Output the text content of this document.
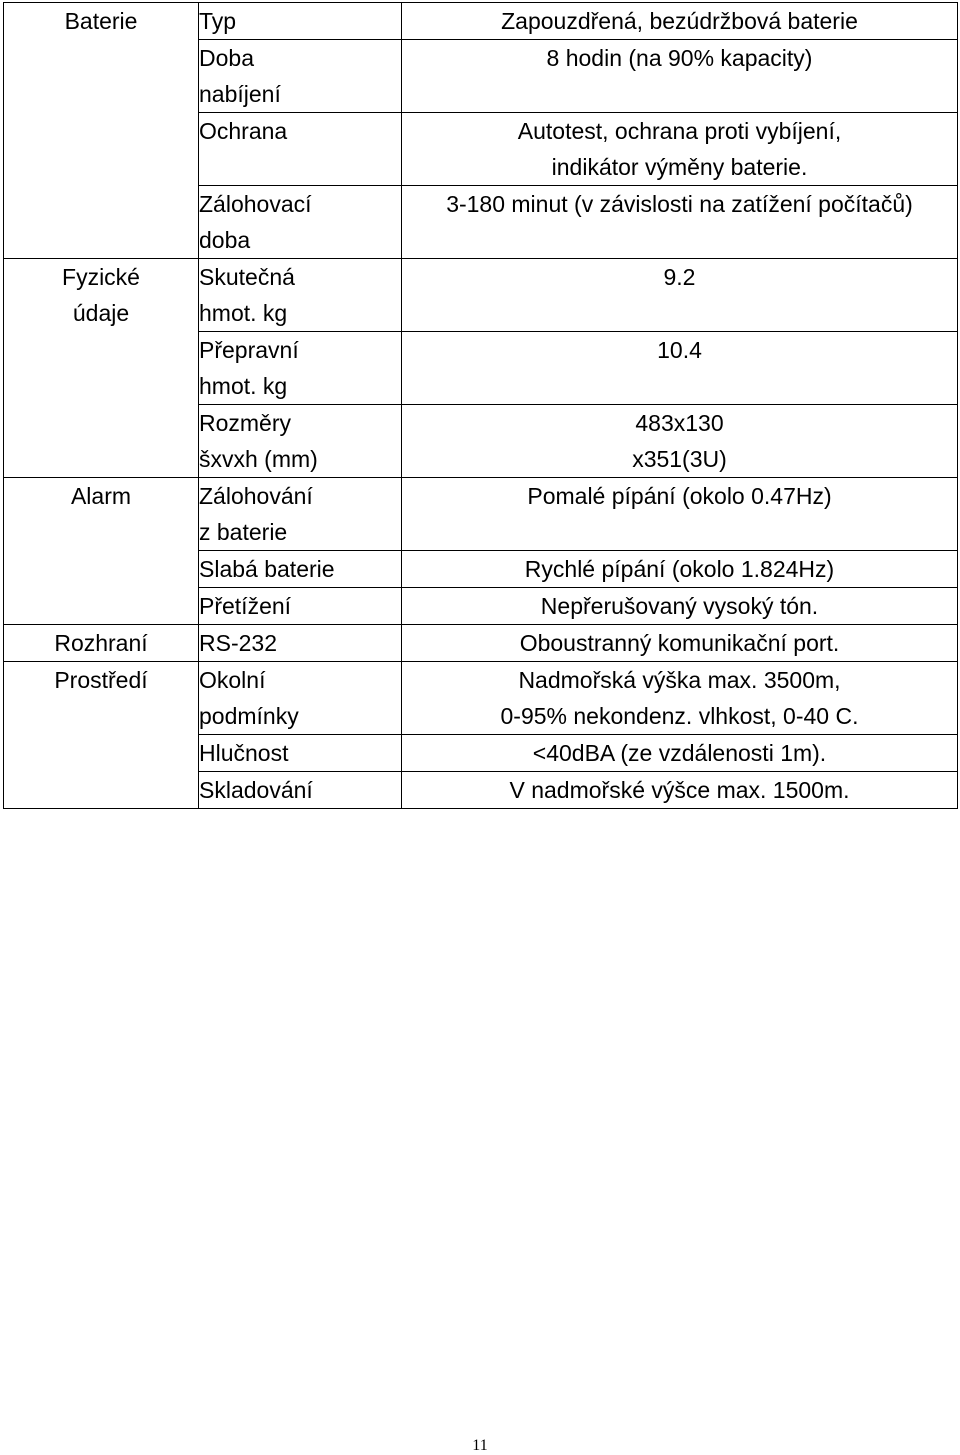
Baterie	Typ	Zapouzdřená, bezúdržbová baterie

	Doba
nabíjení	8 hodin (na 90% kapacity)

	Ochrana	Autotest, ochrana proti vybíjení,
indikátor výměny baterie.

	Zálohovací
doba	3-180 minut (v závislosti na zatížení počítačů)

Fyzické
údaje	Skutečná
hmot. kg	9.2

	Přepravní
hmot. kg	10.4

	Rozměry
šxvxh (mm)	483x130
x351(3U)

Alarm	Zálohování
z baterie	Pomalé pípání (okolo 0.47Hz)

	Slabá baterie	Rychlé pípání (okolo 1.824Hz)

	Přetížení	Nepřerušovaný vysoký tón.

Rozhraní	RS-232	Oboustranný komunikační port.

Prostředí	Okolní
podmínky	Nadmořská výška max. 3500m,
0-95% nekondenz. vlhkost, 0-40 C.

	Hlučnost	<40dBA (ze vzdálenosti 1m).

	Skladování	V nadmořské výšce max. 1500m.
11
